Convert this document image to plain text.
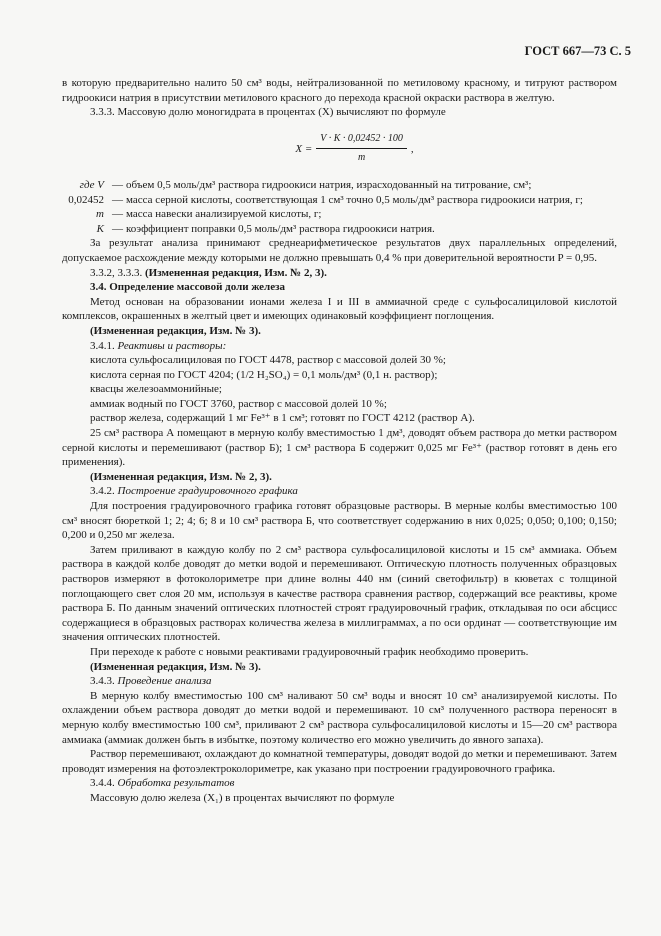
ГОСТ 667—73 С. 5

в которую предварительно налито 50 см³ воды, нейтрализованной по метиловому красному, и титруют раствором гидроокиси натрия в присутствии метилового красного до перехода красной окраски раствора в желтую.

3.3.3. Массовую долю моногидрата в процентах (X) вычисляют по формуле

$X = \frac{V \cdot K \cdot 0,02452 \cdot 100}{m}$ ,
где V — объем 0,5 моль/дм³ раствора гидроокиси натрия, израсходованный на титрование, см³;
0,02452 — масса серной кислоты, соответствующая 1 см³ точно 0,5 моль/дм³ раствора гидроокиси натрия, г;
m — масса навески анализируемой кислоты, г;
K — коэффициент поправки 0,5 моль/дм³ раствора гидроокиси натрия.

За результат анализа принимают среднеарифметическое результатов двух параллельных определений, допускаемое расхождение между которыми не должно превышать 0,4 % при доверительной вероятности P = 0,95.

3.3.2, 3.3.3. (Измененная редакция, Изм. № 2, 3).

3.4. Определение массовой доли железа

Метод основан на образовании ионами железа I и III в аммиачной среде с сульфосалициловой кислотой комплексов, окрашенных в желтый цвет и имеющих одинаковый коэффициент поглощения.

(Измененная редакция, Изм. № 3).

3.4.1. Реактивы и растворы:

кислота сульфосалициловая по ГОСТ 4478, раствор с массовой долей 30 %;

кислота серная по ГОСТ 4204; (1/2 H₂SO₄) = 0,1 моль/дм³ (0,1 н. раствор);

квасцы железоаммонийные;

аммиак водный по ГОСТ 3760, раствор с массовой долей 10 %;

раствор железа, содержащий 1 мг Fe³⁺ в 1 см³; готовят по ГОСТ 4212 (раствор А).

25 см³ раствора А помещают в мерную колбу вместимостью 1 дм³, доводят объем раствора до метки раствором серной кислоты и перемешивают (раствор Б); 1 см³ раствора Б содержит 0,025 мг Fe³⁺ (раствор готовят в день его применения).

(Измененная редакция, Изм. № 2, 3).

3.4.2. Построение градуировочного графика

Для построения градуировочного графика готовят образцовые растворы. В мерные колбы вместимостью 100 см³ вносят бюреткой 1; 2; 4; 6; 8 и 10 см³ раствора Б, что соответствует содержанию в них 0,025; 0,050; 0,100; 0,150; 0,200 и 0,250 мг железа.

Затем приливают в каждую колбу по 2 см³ раствора сульфосалициловой кислоты и 15 см³ аммиака. Объем раствора в каждой колбе доводят до метки водой и перемешивают. Оптическую плотность полученных образцовых растворов измеряют в фотоколориметре при длине волны 440 нм (синий светофильтр) в кюветах с толщиной поглощающего свет слоя 20 мм, используя в качестве раствора сравнения раствор, содержащий все реактивы, кроме раствора Б. По данным значений оптических плотностей строят градуировочный график, откладывая по оси абсцисс содержащиеся в образцовых растворах количества железа в миллиграммах, а по оси ординат — соответствующие им значения оптических плотностей.

При переходе к работе с новыми реактивами градуировочный график необходимо проверить.

(Измененная редакция, Изм. № 3).

3.4.3. Проведение анализа

В мерную колбу вместимостью 100 см³ наливают 50 см³ воды и вносят 10 см³ анализируемой кислоты. По охлаждении объем раствора доводят до метки водой и перемешивают. 10 см³ полученного раствора переносят в мерную колбу вместимостью 100 см³, приливают 2 см³ раствора сульфосалициловой кислоты и 15—20 см³ раствора аммиака (аммиак должен быть в избытке, поэтому количество его можно увеличить до явного запаха).

Раствор перемешивают, охлаждают до комнатной температуры, доводят водой до метки и перемешивают. Затем проводят измерения на фотоэлектроколориметре, как указано при построении градуировочного графика.

3.4.4. Обработка результатов

Массовую долю железа (X₁) в процентах вычисляют по формуле
